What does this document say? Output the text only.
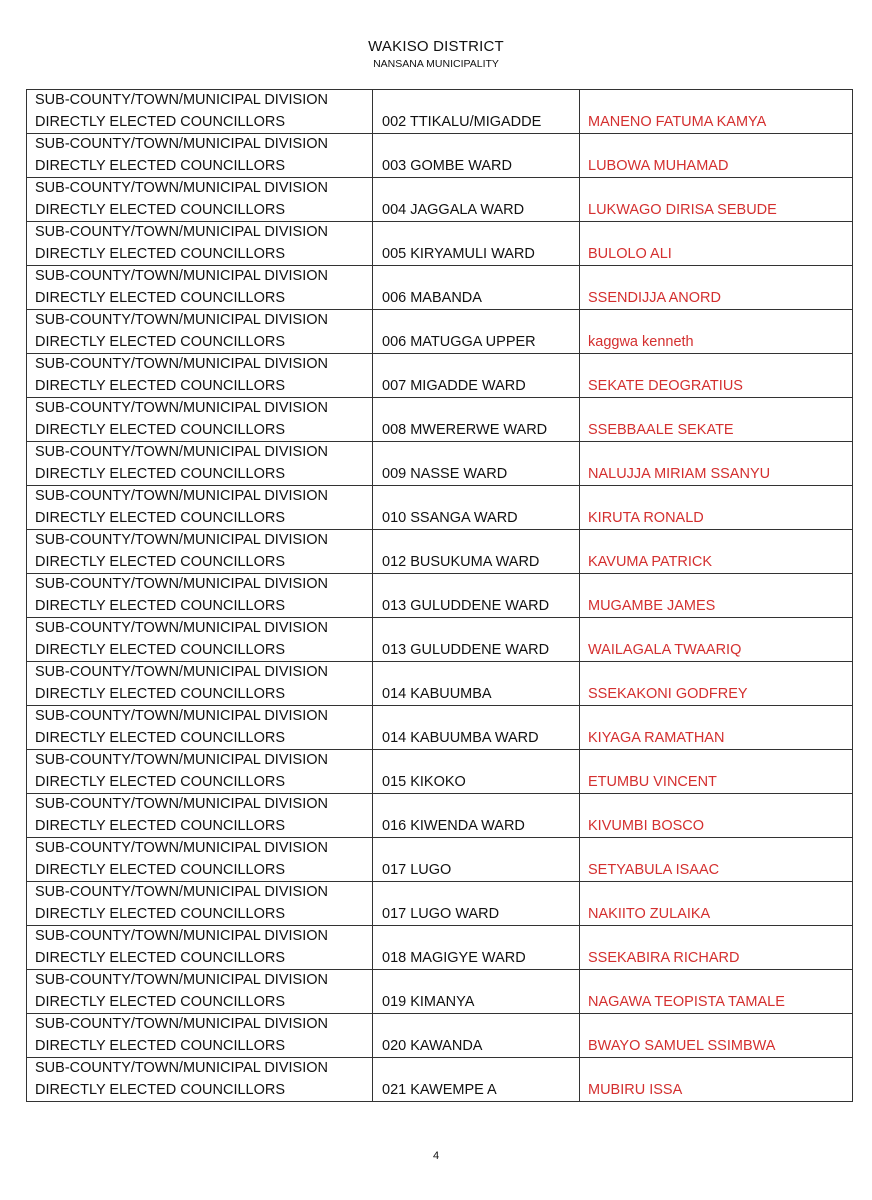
WAKISO DISTRICT
NANSANA MUNICIPALITY
SUB-COUNTY/TOWN/MUNICIPAL DIVISION
DIRECTLY ELECTED COUNCILLORS	002 TTIKALU/MIGADDE	MANENO FATUMA KAMYA

SUB-COUNTY/TOWN/MUNICIPAL DIVISION
DIRECTLY ELECTED COUNCILLORS	003 GOMBE WARD	LUBOWA MUHAMAD

SUB-COUNTY/TOWN/MUNICIPAL DIVISION
DIRECTLY ELECTED COUNCILLORS	004 JAGGALA WARD	LUKWAGO DIRISA SEBUDE

SUB-COUNTY/TOWN/MUNICIPAL DIVISION
DIRECTLY ELECTED COUNCILLORS	005 KIRYAMULI WARD	BULOLO ALI

SUB-COUNTY/TOWN/MUNICIPAL DIVISION
DIRECTLY ELECTED COUNCILLORS	006 MABANDA	SSENDIJJA ANORD

SUB-COUNTY/TOWN/MUNICIPAL DIVISION
DIRECTLY ELECTED COUNCILLORS	006 MATUGGA UPPER	kaggwa kenneth

SUB-COUNTY/TOWN/MUNICIPAL DIVISION
DIRECTLY ELECTED COUNCILLORS	007 MIGADDE WARD	SEKATE DEOGRATIUS

SUB-COUNTY/TOWN/MUNICIPAL DIVISION
DIRECTLY ELECTED COUNCILLORS	008 MWERERWE WARD	SSEBBAALE SEKATE

SUB-COUNTY/TOWN/MUNICIPAL DIVISION
DIRECTLY ELECTED COUNCILLORS	009 NASSE WARD	NALUJJA MIRIAM SSANYU

SUB-COUNTY/TOWN/MUNICIPAL DIVISION
DIRECTLY ELECTED COUNCILLORS	010 SSANGA WARD	KIRUTA RONALD

SUB-COUNTY/TOWN/MUNICIPAL DIVISION
DIRECTLY ELECTED COUNCILLORS	012 BUSUKUMA WARD	KAVUMA PATRICK

SUB-COUNTY/TOWN/MUNICIPAL DIVISION
DIRECTLY ELECTED COUNCILLORS	013 GULUDDENE WARD	MUGAMBE JAMES

SUB-COUNTY/TOWN/MUNICIPAL DIVISION
DIRECTLY ELECTED COUNCILLORS	013 GULUDDENE WARD	WAILAGALA TWAARIQ

SUB-COUNTY/TOWN/MUNICIPAL DIVISION
DIRECTLY ELECTED COUNCILLORS	014 KABUUMBA	SSEKAKONI GODFREY

SUB-COUNTY/TOWN/MUNICIPAL DIVISION
DIRECTLY ELECTED COUNCILLORS	014 KABUUMBA WARD	KIYAGA RAMATHAN

SUB-COUNTY/TOWN/MUNICIPAL DIVISION
DIRECTLY ELECTED COUNCILLORS	015 KIKOKO	ETUMBU VINCENT

SUB-COUNTY/TOWN/MUNICIPAL DIVISION
DIRECTLY ELECTED COUNCILLORS	016 KIWENDA WARD	KIVUMBI BOSCO

SUB-COUNTY/TOWN/MUNICIPAL DIVISION
DIRECTLY ELECTED COUNCILLORS	017 LUGO	SETYABULA ISAAC

SUB-COUNTY/TOWN/MUNICIPAL DIVISION
DIRECTLY ELECTED COUNCILLORS	017 LUGO WARD	NAKIITO ZULAIKA

SUB-COUNTY/TOWN/MUNICIPAL DIVISION
DIRECTLY ELECTED COUNCILLORS	018 MAGIGYE WARD	SSEKABIRA RICHARD

SUB-COUNTY/TOWN/MUNICIPAL DIVISION
DIRECTLY ELECTED COUNCILLORS	019 KIMANYA	NAGAWA TEOPISTA TAMALE

SUB-COUNTY/TOWN/MUNICIPAL DIVISION
DIRECTLY ELECTED COUNCILLORS	020 KAWANDA	BWAYO SAMUEL SSIMBWA

SUB-COUNTY/TOWN/MUNICIPAL DIVISION
DIRECTLY ELECTED COUNCILLORS	021 KAWEMPE A	MUBIRU ISSA
4
